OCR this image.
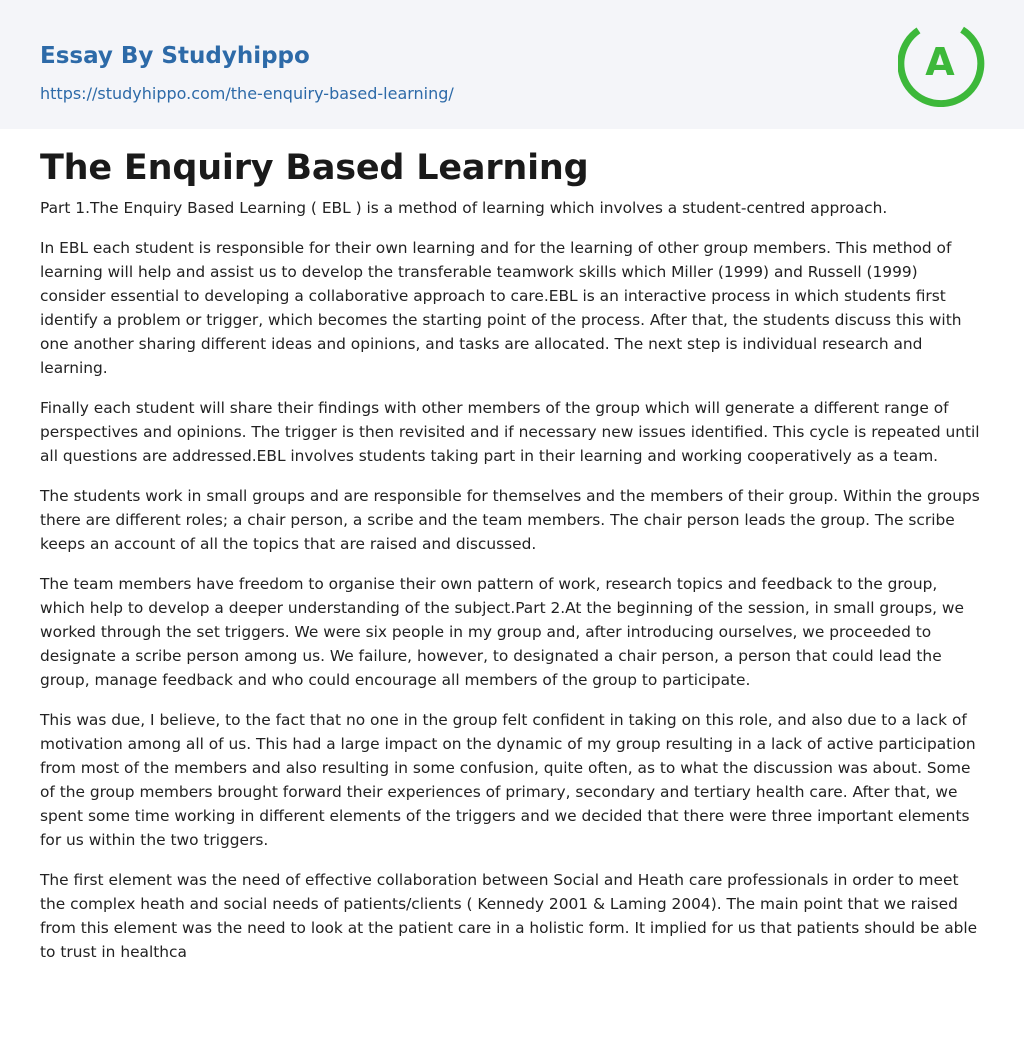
Essay By Studyhippo
https://studyhippo.com/the-enquiry-based-learning/
A
The Enquiry Based Learning

Part 1.The Enquiry Based Learning ( EBL ) is a method of learning which involves a student-centred approach.

In EBL each student is responsible for their own learning and for the learning of other group members. This method of learning will help and assist us to develop the transferable teamwork skills which Miller (1999) and Russell (1999) consider essential to developing a collaborative approach to care.EBL is an interactive process in which students first identify a problem or trigger, which becomes the starting point of the process. After that, the students discuss this with one another sharing different ideas and opinions, and tasks are allocated. The next step is individual research and learning.

Finally each student will share their findings with other members of the group which will generate a different range of perspectives and opinions. The trigger is then revisited and if necessary new issues identified. This cycle is repeated until all questions are addressed.EBL involves students taking part in their learning and working cooperatively as a team.

The students work in small groups and are responsible for themselves and the members of their group. Within the groups there are different roles; a chair person, a scribe and the team members. The chair person leads the group. The scribe keeps an account of all the topics that are raised and discussed.

The team members have freedom to organise their own pattern of work, research topics and feedback to the group, which help to develop a deeper understanding of the subject.Part 2.At the beginning of the session, in small groups, we worked through the set triggers. We were six people in my group and, after introducing ourselves, we proceeded to designate a scribe person among us. We failure, however, to designated a chair person, a person that could lead the group, manage feedback and who could encourage all members of the group to participate.

This was due, I believe, to the fact that no one in the group felt confident in taking on this role, and also due to a lack of motivation among all of us. This had a large impact on the dynamic of my group resulting in a lack of active participation from most of the members and also resulting in some confusion, quite often, as to what the discussion was about. Some of the group members brought forward their experiences of primary, secondary and tertiary health care. After that, we spent some time working in different elements of the triggers and we decided that there were three important elements for us within the two triggers.

The first element was the need of effective collaboration between Social and Heath care professionals in order to meet the complex heath and social needs of patients/clients ( Kennedy 2001 & Laming 2004). The main point that we raised from this element was the need to look at the patient care in a holistic form. It implied for us that patients should be able to trust in healthca
